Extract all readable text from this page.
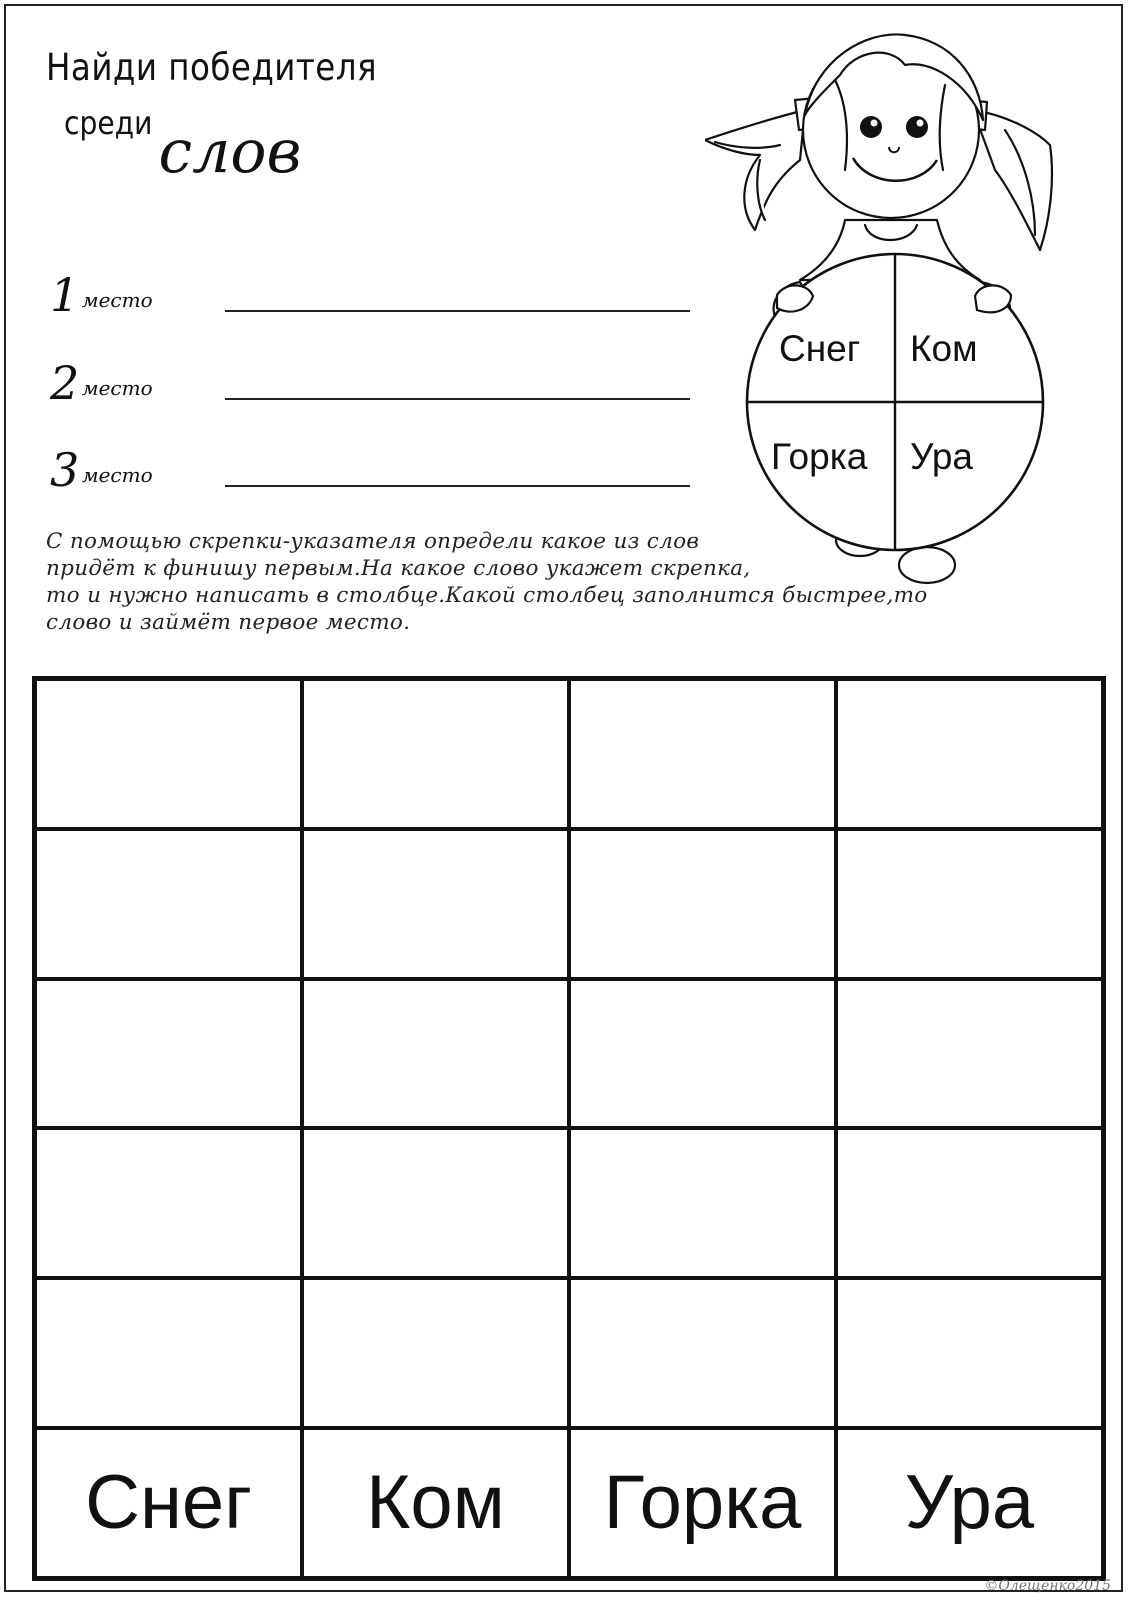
Найди победителя
среди слов
1 место
2 место
3 место
Снег Ком
Горка Ура
С помощью скрепки-указателя определи какое из слов
придёт к финишу первым.На какое слово укажет скрепка,
то и нужно написать в столбце.Какой столбец заполнится быстрее,то
слово и займёт первое место.
Снег Ком Горка Ура
©Олещенко2015
